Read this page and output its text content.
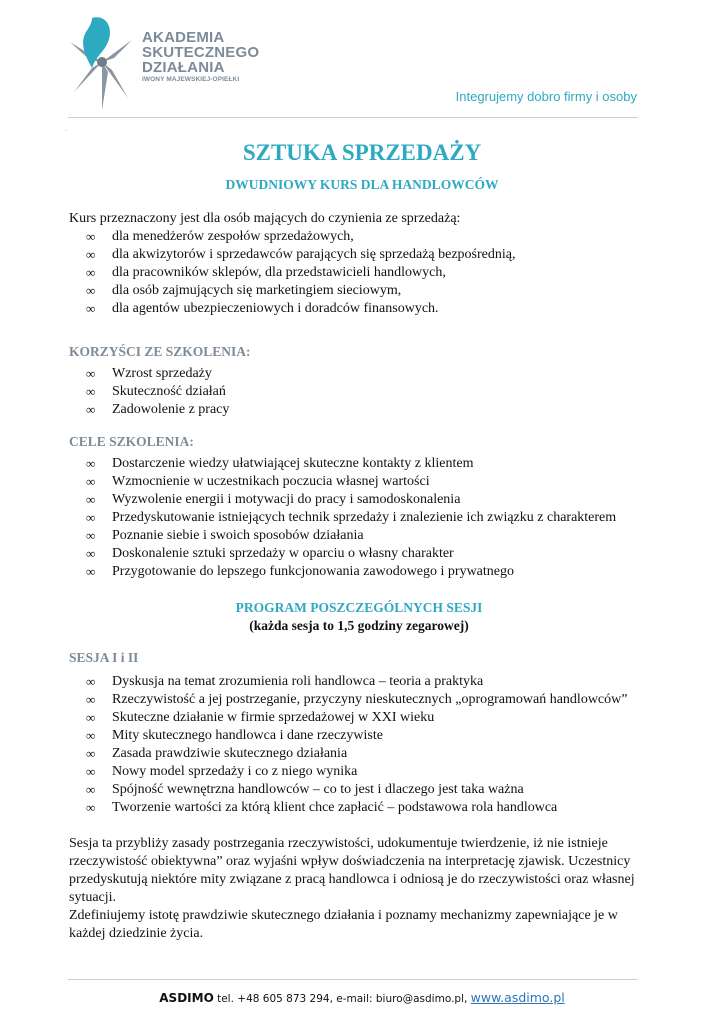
AKADEMIA
SKUTECZNEGO
DZIAŁANIA
IWONY MAJEWSKIEJ-OPIEŁKI
Integrujemy dobro firmy i osoby
.
SZTUKA SPRZEDAŻY
DWUDNIOWY KURS DLA HANDLOWCÓW

Kurs przeznaczony jest dla osób mających do czynienia ze sprzedażą:

∞ dla menedżerów zespołów sprzedażowych,
∞ dla akwizytorów i sprzedawców parających się sprzedażą bezpośrednią,
∞ dla pracowników sklepów, dla przedstawicieli handlowych,
∞ dla osób zajmujących się marketingiem sieciowym,
∞ dla agentów ubezpieczeniowych i doradców finansowych.
KORZYŚCI ZE SZKOLENIA:
∞ Wzrost sprzedaży
∞ Skuteczność działań
∞ Zadowolenie z pracy
CELE SZKOLENIA:
∞ Dostarczenie wiedzy ułatwiającej skuteczne kontakty z klientem
∞ Wzmocnienie w uczestnikach poczucia własnej wartości
∞ Wyzwolenie energii i motywacji do pracy i samodoskonalenia
∞ Przedyskutowanie istniejących technik sprzedaży i znalezienie ich związku z charakterem
∞ Poznanie siebie i swoich sposobów działania
∞ Doskonalenie sztuki sprzedaży w oparciu o własny charakter
∞ Przygotowanie do lepszego funkcjonowania zawodowego i prywatnego
PROGRAM POSZCZEGÓLNYCH SESJI
(każda sesja to 1,5 godziny zegarowej)
SESJA I i II
∞ Dyskusja na temat zrozumienia roli handlowca – teoria a praktyka
∞ Rzeczywistość a jej postrzeganie, przyczyny nieskutecznych „oprogramowań handlowców”
∞ Skuteczne działanie w firmie sprzedażowej w XXI wieku
∞ Mity skutecznego handlowca i dane rzeczywiste
∞ Zasada prawdziwie skutecznego działania
∞ Nowy model sprzedaży i co z niego wynika
∞ Spójność wewnętrzna handlowców – co to jest i dlaczego jest taka ważna
∞ Tworzenie wartości za którą klient chce zapłacić – podstawowa rola handlowca

Sesja ta przybliży zasady postrzegania rzeczywistości, udokumentuje twierdzenie, iż nie istnieje rzeczywistość obiektywna” oraz wyjaśni wpływ doświadczenia na interpretację zjawisk. Uczestnicy przedyskutują niektóre mity związane z pracą handlowca i odniosą je do rzeczywistości oraz własnej sytuacji.

Zdefiniujemy istotę prawdziwie skutecznego działania i poznamy mechanizmy zapewniające je w każdej dziedzinie życia.

ASDIMO tel. +48 605 873 294, e-mail: biuro@asdimo.pl, www.asdimo.pl
